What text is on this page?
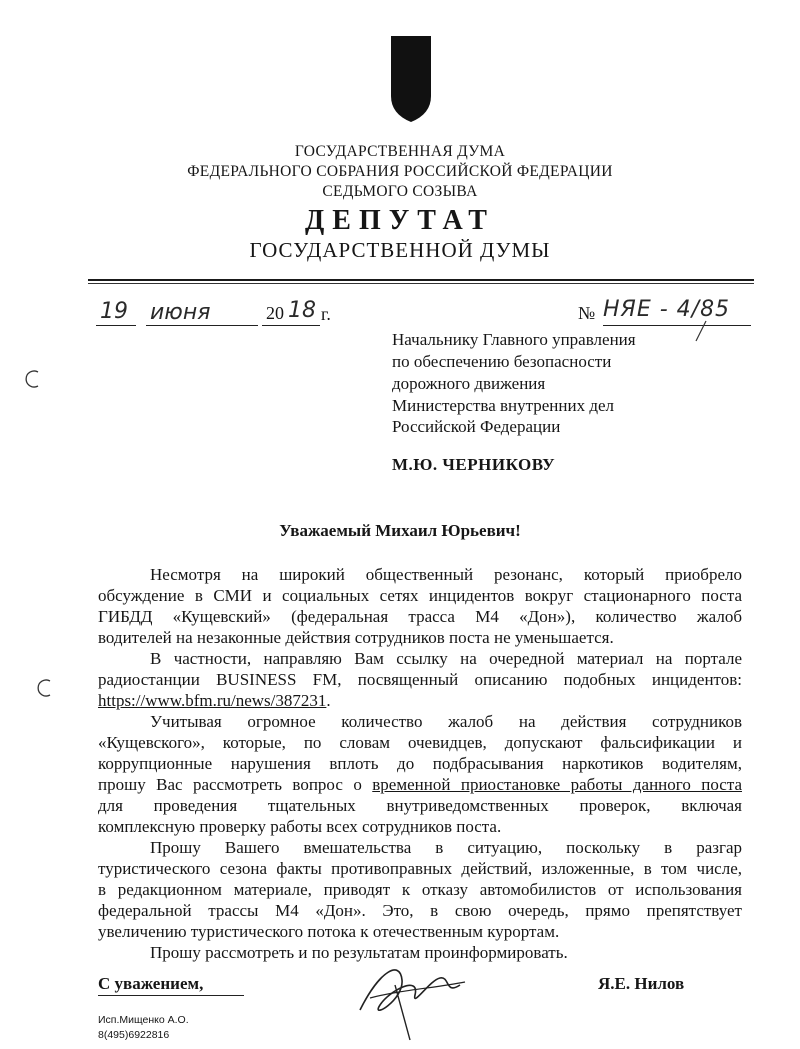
ГОСУДАРСТВЕННАЯ ДУМА
ФЕДЕРАЛЬНОГО СОБРАНИЯ РОССИЙСКОЙ ФЕДЕРАЦИИ
СЕДЬМОГО СОЗЫВА
ДЕПУТАТ
ГОСУДАРСТВЕННОЙ ДУМЫ
19 июня	20 18 г.	№ НЯЕ - 4/85
Начальнику Главного управления
по обеспечению безопасности
дорожного движения
Министерства внутренних дел
Российской Федерации
М.Ю. ЧЕРНИКОВУ
Уважаемый Михаил Юрьевич!
Несмотря на широкий общественный резонанс, который приобрело
обсуждение в СМИ и социальных сетях инцидентов вокруг стационарного поста
ГИБДД «Кущевский» (федеральная трасса М4 «Дон»), количество жалоб
водителей на незаконные действия сотрудников поста не уменьшается.
В частности, направляю Вам ссылку на очередной материал на портале
радиостанции BUSINESS FM, посвященный описанию подобных инцидентов:
https://www.bfm.ru/news/387231.
Учитывая огромное количество жалоб на действия сотрудников
«Кущевского», которые, по словам очевидцев, допускают фальсификации и
коррупционные нарушения вплоть до подбрасывания наркотиков водителям,
прошу Вас рассмотреть вопрос о временной приостановке работы данного поста
для проведения тщательных внутриведомственных проверок, включая
комплексную проверку работы всех сотрудников поста.
Прошу Вашего вмешательства в ситуацию, поскольку в разгар
туристического сезона факты противоправных действий, изложенные, в том числе,
в редакционном материале, приводят к отказу автомобилистов от использования
федеральной трассы М4 «Дон». Это, в свою очередь, прямо препятствует
увеличению туристического потока к отечественным курортам.
Прошу рассмотреть и по результатам проинформировать.
С уважением,	Я.Е. Нилов
Исп.Мищенко А.О.
8(495)6922816
